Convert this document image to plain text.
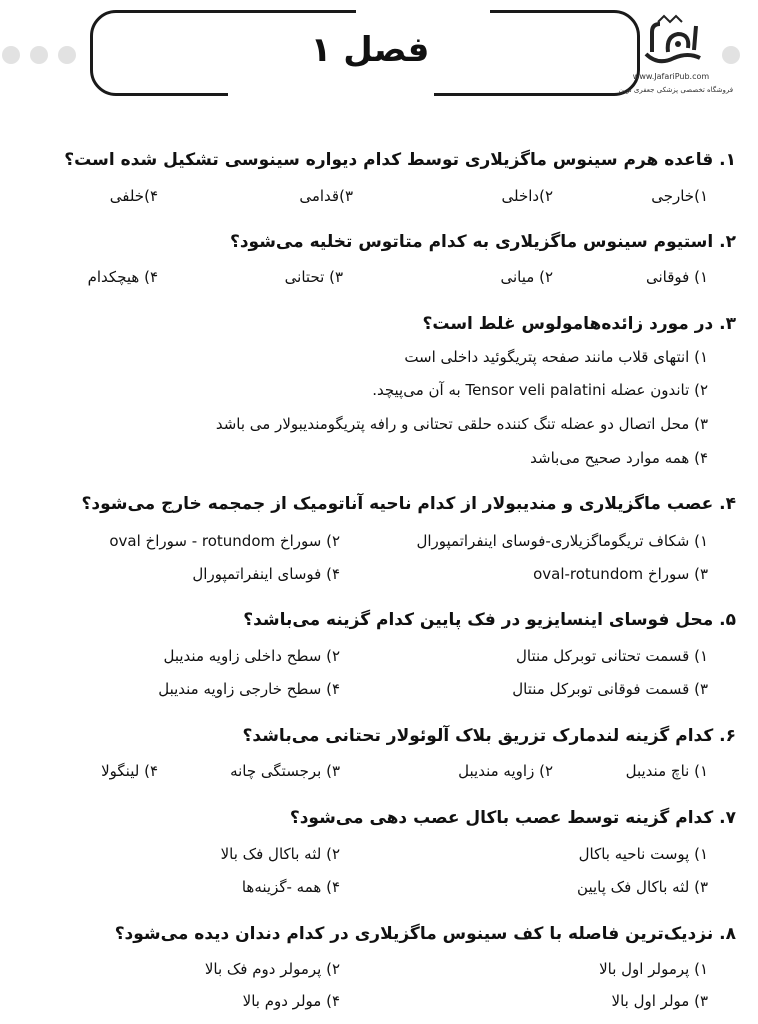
فصل ۱
www.JafariPub.com
فروشگاه تخصصی پزشکی جعفری نوین
۱. قاعده هرم سینوس ماگزیلاری توسط کدام دیواره سینوسی تشکیل شده است؟
۱)خارجی
۲)داخلی
۳)قدامی
۴)خلفی
۲. استیوم سینوس ماگزیلاری به کدام متاتوس تخلیه می‌شود؟
۱) فوقانی
۲) میانی
۳) تحتانی
۴) هیچکدام
۳. در مورد زائده‌هامولوس غلط است؟
۱) انتهای قلاب مانند صفحه پتریگوئید داخلی است
۲) تاندون عضله Tensor veli palatini به آن می‌پیچد.
۳) محل اتصال دو عضله تنگ کننده حلقی تحتانی و رافه پتریگومندیبولار می باشد
۴) همه موارد صحیح می‌باشد
۴. عصب ماگزیلاری و مندیبولار از کدام ناحیه آناتومیک از جمجمه خارج می‌شود؟
۱) شکاف تریگوماگزیلاری-فوسای اینفراتمپورال
۲) سوراخ rotundom - سوراخ oval
۳) سوراخ oval-rotundom
۴) فوسای اینفراتمپورال
۵. محل فوسای اینسایزیو در فک پایین کدام گزینه می‌باشد؟
۱) قسمت تحتانی توبرکل منتال
۲) سطح داخلی زاویه مندیبل
۳) قسمت فوقانی توبرکل منتال
۴) سطح خارجی زاویه مندیبل
۶. کدام گزینه لندمارک تزریق بلاک آلوئولار تحتانی می‌باشد؟
۱) ناچ مندیبل
۲) زاویه مندیبل
۳) برجستگی چانه
۴) لینگولا
۷. کدام گزینه توسط عصب باکال عصب دهی می‌شود؟
۱) پوست ناحیه باکال
۲) لثه باکال فک بالا
۳) لثه باکال فک پایین
۴) همه -گزینه‌ها
۸. نزدیک‌ترین فاصله با کف سینوس ماگزیلاری در کدام دندان دیده می‌شود؟
۱) پرمولر اول بالا
۲) پرمولر دوم فک بالا
۳) مولر اول بالا
۴) مولر دوم بالا
